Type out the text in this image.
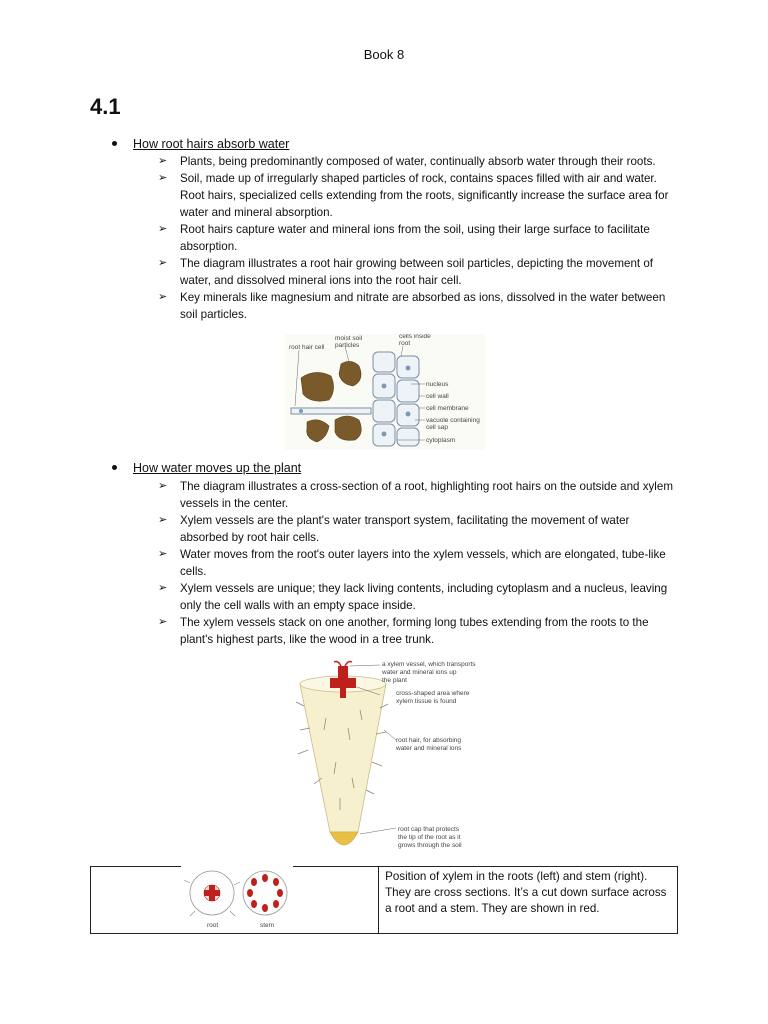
Book 8
4.1
How root hairs absorb water
➢ Plants, being predominantly composed of water, continually absorb water through their roots.
➢ Soil, made up of irregularly shaped particles of rock, contains spaces filled with air and water. Root hairs, specialized cells extending from the roots, significantly increase the surface area for water and mineral absorption.
➢ Root hairs capture water and mineral ions from the soil, using their large surface to facilitate absorption.
➢ The diagram illustrates a root hair growing between soil particles, depicting the movement of water, and dissolved mineral ions into the root hair cell.
➢ Key minerals like magnesium and nitrate are absorbed as ions, dissolved in the water between soil particles.
root hair cell
moist soil
particles
cells inside
root
nucleus
cell wall
cell membrane
vacuole containing
cell sap
cytoplasm
How water moves up the plant
➢ The diagram illustrates a cross-section of a root, highlighting root hairs on the outside and xylem vessels in the center.
➢ Xylem vessels are the plant's water transport system, facilitating the movement of water absorbed by root hair cells.
➢ Water moves from the root's outer layers into the xylem vessels, which are elongated, tube-like cells.
➢ Xylem vessels are unique; they lack living contents, including cytoplasm and a nucleus, leaving only the cell walls with an empty space inside.
➢ The xylem vessels stack on one another, forming long tubes extending from the roots to the plant's highest parts, like the wood in a tree trunk.
a xylem vessel, which transports
water and mineral ions up
the plant
cross-shaped area where
xylem tissue is found
root hair, for absorbing
water and mineral ions
root cap that protects
the tip of the root as it
grows through the soil
root	stem
	Position of xylem in the roots (left) and stem (right). They are cross sections. It’s a cut down surface across a root and a stem. They are shown in red.
